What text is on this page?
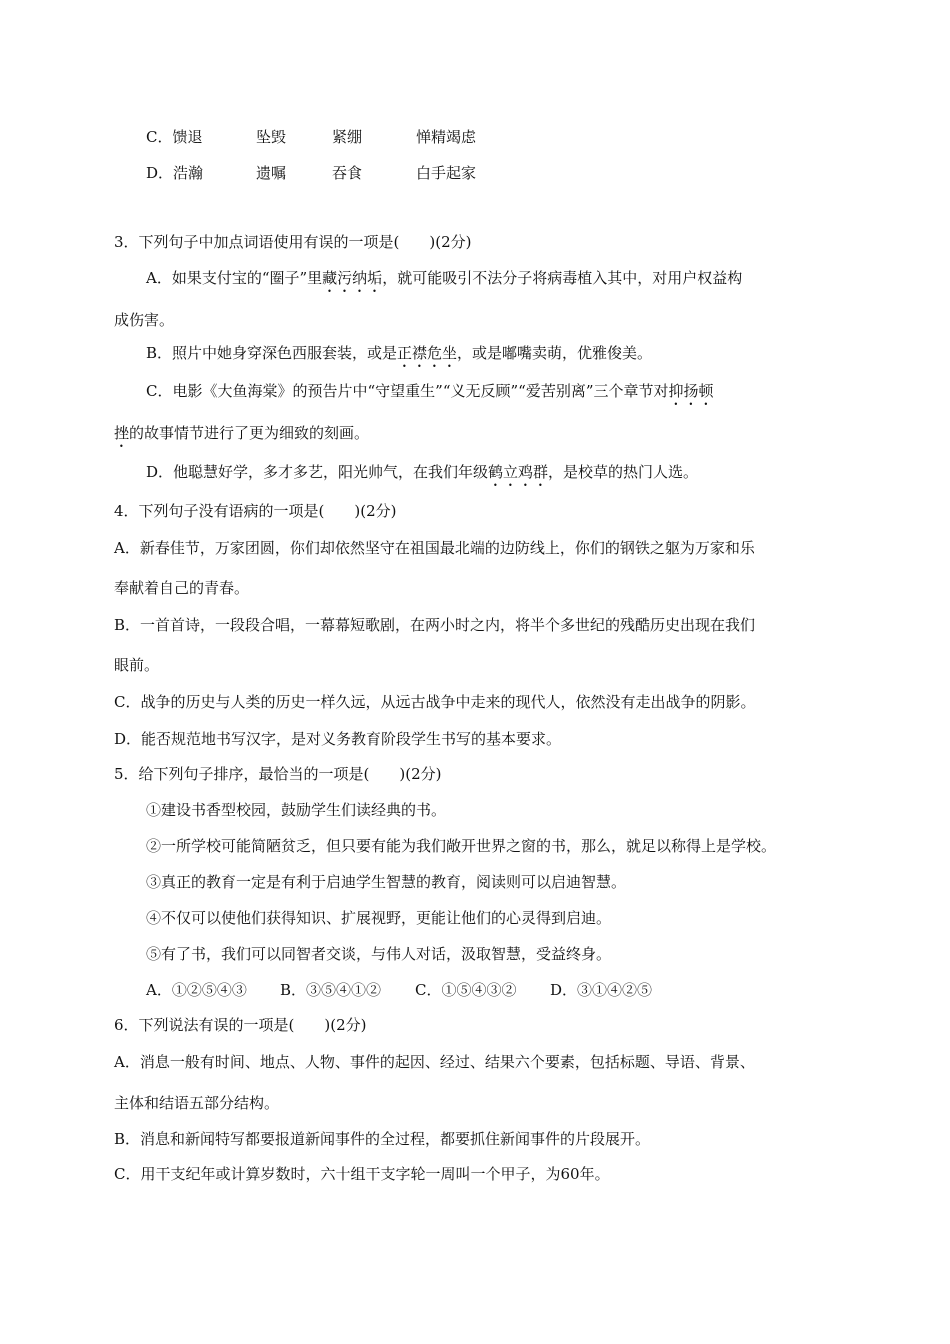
C．馈退	坠毁	紧绷	惮精竭虑
D．浩瀚	遗嘱	吞食	白手起家
3．下列句子中加点词语使用有误的一项是(　　)(2分)
A．如果支付宝的“圈子”里藏污纳垢，就可能吸引不法分子将病毒植入其中，对用户权益构
成伤害。
B．照片中她身穿深色西服套装，或是正襟危坐，或是嘟嘴卖萌，优雅俊美。
C．电影《大鱼海棠》的预告片中“守望重生”“义无反顾”“爱苦别离”三个章节对抑扬顿
挫的故事情节进行了更为细致的刻画。
D．他聪慧好学，多才多艺，阳光帅气，在我们年级鹤立鸡群，是校草的热门人选。
4．下列句子没有语病的一项是(　　)(2分)
A．新春佳节，万家团圆，你们却依然坚守在祖国最北端的边防线上，你们的钢铁之躯为万家和乐
奉献着自己的青春。
B．一首首诗，一段段合唱，一幕幕短歌剧，在两小时之内，将半个多世纪的残酷历史出现在我们
眼前。
C．战争的历史与人类的历史一样久远，从远古战争中走来的现代人，依然没有走出战争的阴影。
D．能否规范地书写汉字，是对义务教育阶段学生书写的基本要求。
5．给下列句子排序，最恰当的一项是(　　)(2分)
①建设书香型校园，鼓励学生们读经典的书。
②一所学校可能简陋贫乏，但只要有能为我们敞开世界之窗的书，那么，就足以称得上是学校。
③真正的教育一定是有利于启迪学生智慧的教育，阅读则可以启迪智慧。
④不仅可以使他们获得知识、扩展视野，更能让他们的心灵得到启迪。
⑤有了书，我们可以同智者交谈，与伟人对话，汲取智慧，受益终身。
A．①②⑤④③ B．③⑤④①② C．①⑤④③② D．③①④②⑤
6．下列说法有误的一项是(　　)(2分)
A．消息一般有时间、地点、人物、事件的起因、经过、结果六个要素，包括标题、导语、背景、
主体和结语五部分结构。
B．消息和新闻特写都要报道新闻事件的全过程，都要抓住新闻事件的片段展开。
C．用干支纪年或计算岁数时，六十组干支字轮一周叫一个甲子，为60年。
